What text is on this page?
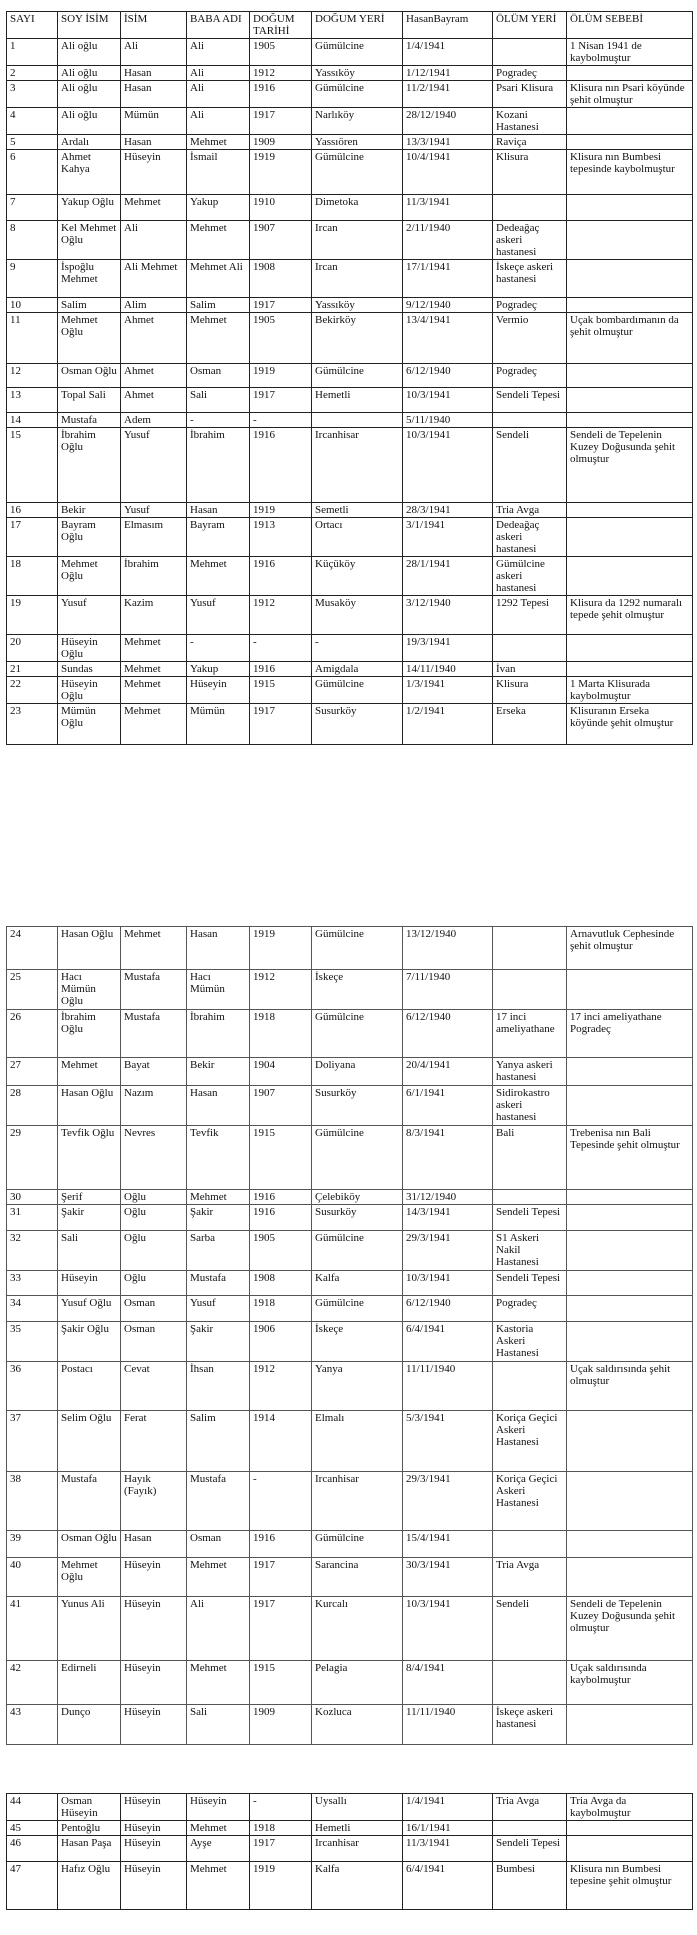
SAYI	SOY İSİM	İSİM	BABA ADI	DOĞUM TARİHİ	DOĞUM YERİ	HasanBayram	ÖLÜM YERİ	ÖLÜM SEBEBİ
1	Ali oğlu	Ali	Ali	1905	Gümülcine	1/4/1941		1 Nisan 1941 de kaybolmuştur
2	Ali oğlu	Hasan	Ali	1912	Yassıköy	1/12/1941	Pogradeç	
3	Ali oğlu	Hasan	Ali	1916	Gümülcine	11/2/1941	Psari Klisura	Klisura nın Psari köyünde şehit olmuştur
4	Ali oğlu	Mümün	Ali	1917	Narlıköy	28/12/1940	Kozani Hastanesi	
5	Ardalı	Hasan	Mehmet	1909	Yassıören	13/3/1941	Raviça	
6	Ahmet Kahya	Hüseyin	İsmail	1919	Gümülcine	10/4/1941	Klisura	Klisura nın Bumbesi tepesinde kaybolmuştur
7	Yakup Oğlu	Mehmet	Yakup	1910	Dimetoka	11/3/1941		
8	Kel Mehmet Oğlu	Ali	Mehmet	1907	Ircan	2/11/1940	Dedeağaç askeri hastanesi	
9	İspoğlu Mehmet	Ali Mehmet	Mehmet Ali	1908	Ircan	17/1/1941	İskeçe askeri hastanesi	
10	Salim	Alim	Salim	1917	Yassıköy	9/12/1940	Pogradeç	
11	Mehmet Oğlu	Ahmet	Mehmet	1905	Bekirköy	13/4/1941	Vermio	Uçak bombardımanın da şehit olmuştur
12	Osman Oğlu	Ahmet	Osman	1919	Gümülcine	6/12/1940	Pogradeç	
13	Topal Sali	Ahmet	Sali	1917	Hemetli	10/3/1941	Sendeli Tepesi	
14	Mustafa	Adem	-	-		5/11/1940		
15	İbrahim Oğlu	Yusuf	İbrahim	1916	Ircanhisar	10/3/1941	Sendeli	Sendeli de Tepelenin Kuzey Doğusunda şehit olmuştur
16	Bekir	Yusuf	Hasan	1919	Semetli	28/3/1941	Tria Avga	
17	Bayram Oğlu	Elmasım	Bayram	1913	Ortacı	3/1/1941	Dedeağaç askeri hastanesi	
18	Mehmet Oğlu	İbrahim	Mehmet	1916	Küçüköy	28/1/1941	Gümülcine askeri hastanesi	
19	Yusuf	Kazim	Yusuf	1912	Musaköy	3/12/1940	1292 Tepesi	Klisura da 1292 numaralı tepede şehit olmuştur
20	Hüseyin Oğlu	Mehmet	-	-	-	19/3/1941		
21	Sundas	Mehmet	Yakup	1916	Amigdala	14/11/1940	İvan	
22	Hüseyin Oğlu	Mehmet	Hüseyin	1915	Gümülcine	1/3/1941	Klisura	1 Marta Klisurada kaybolmuştur
23	Mümün Oğlu	Mehmet	Mümün	1917	Susurköy	1/2/1941	Erseka	Klisuranın Erseka köyünde şehit olmuştur
24	Hasan Oğlu	Mehmet	Hasan	1919	Gümülcine	13/12/1940		Arnavutluk Cephesinde şehit olmuştur
25	Hacı Mümün Oğlu	Mustafa	Hacı Mümün	1912	İskeçe	7/11/1940		
26	İbrahim Oğlu	Mustafa	İbrahim	1918	Gümülcine	6/12/1940	17 inci ameliyathane	17 inci ameliyathane Pogradeç
27	Mehmet	Bayat	Bekir	1904	Doliyana	20/4/1941	Yanya askeri hastanesi	
28	Hasan Oğlu	Nazım	Hasan	1907	Susurköy	6/1/1941	Sidirokastro askeri hastanesi	
29	Tevfik Oğlu	Nevres	Tevfik	1915	Gümülcine	8/3/1941	Bali	Trebenisa nın Bali Tepesinde şehit olmuştur
30	Şerif	Oğlu	Mehmet	1916	Çelebiköy	31/12/1940		
31	Şakir	Oğlu	Şakir	1916	Susurköy	14/3/1941	Sendeli Tepesi	
32	Sali	Oğlu	Sarba	1905	Gümülcine	29/3/1941	S1 Askeri Nakil Hastanesi	
33	Hüseyin	Oğlu	Mustafa	1908	Kalfa	10/3/1941	Sendeli Tepesi	
34	Yusuf Oğlu	Osman	Yusuf	1918	Gümülcine	6/12/1940	Pogradeç	
35	Şakir Oğlu	Osman	Şakir	1906	İskeçe	6/4/1941	Kastoria Askeri Hastanesi	
36	Postacı	Cevat	İhsan	1912	Yanya	11/11/1940		Uçak saldırısında şehit olmuştur
37	Selim Oğlu	Ferat	Salim	1914	Elmalı	5/3/1941	Koriça Geçici Askeri Hastanesi	
38	Mustafa	Hayık (Fayık)	Mustafa	-	Ircanhisar	29/3/1941	Koriça Geçici Askeri Hastanesi	
39	Osman Oğlu	Hasan	Osman	1916	Gümülcine	15/4/1941		
40	Mehmet Oğlu	Hüseyin	Mehmet	1917	Sarancina	30/3/1941	Tria Avga	
41	Yunus Ali	Hüseyin	Ali	1917	Kurcalı	10/3/1941	Sendeli	Sendeli de Tepelenin Kuzey Doğusunda şehit olmuştur
42	Edirneli	Hüseyin	Mehmet	1915	Pelagia	8/4/1941		Uçak saldırısında kaybolmuştur
43	Dunço	Hüseyin	Sali	1909	Kozluca	11/11/1940	İskeçe askeri hastanesi	
44	Osman Hüseyin	Hüseyin	Hüseyin	-	Uysallı	1/4/1941	Tria Avga	Tria Avga da kaybolmuştur
45	Pentoğlu	Hüseyin	Mehmet	1918	Hemetli	16/1/1941		
46	Hasan Paşa	Hüseyin	Ayşe	1917	Ircanhisar	11/3/1941	Sendeli Tepesi	
47	Hafız Oğlu	Hüseyin	Mehmet	1919	Kalfa	6/4/1941	Bumbesi	Klisura nın Bumbesi tepesine şehit olmuştur
